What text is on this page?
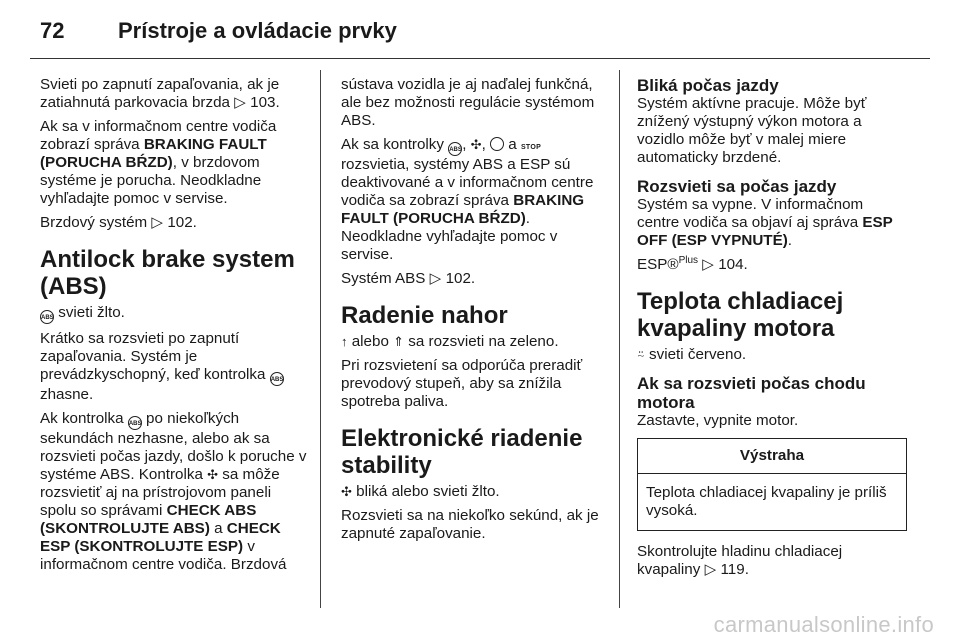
72	Prístroje a ovládacie prvky

Svieti po zapnutí zapaľovania, ak je zatiahnutá parkovacia brzda ▷ 103.

Ak sa v informačnom centre vodiča zobrazí správa BRAKING FAULT (PORUCHA BŔZD), v brzdovom systéme je porucha. Neodkladne vyhľadajte pomoc v servise.

Brzdový systém ▷ 102.

Antilock brake system (ABS)

ABS svieti žlto.

Krátko sa rozsvieti po zapnutí zapaľovania. Systém je prevádzkyschopný, keď kontrolka ABS zhasne.

Ak kontrolka ABS po niekoľkých sekundách nezhasne, alebo ak sa rozsvieti počas jazdy, došlo k poruche v systéme ABS. Kontrolka ✣ sa môže rozsvietiť aj na prístrojovom paneli spolu so správami CHECK ABS (SKONTROLUJTE ABS) a CHECK ESP (SKONTROLUJTE ESP) v informačnom centre vodiča. Brzdová

sústava vozidla je aj naďalej funkčná, ale bez možnosti regulácie systémom ABS.

Ak sa kontrolky ABS, ✣,  a STOP rozsvietia, systémy ABS a ESP sú deaktivované a v informačnom centre vodiča sa zobrazí správa BRAKING FAULT (PORUCHA BŔZD). Neodkladne vyhľadajte pomoc v servise.

Systém ABS ▷ 102.

Radenie nahor

↑ alebo ⇑ sa rozsvieti na zeleno.

Pri rozsvietení sa odporúča preradiť prevodový stupeň, aby sa znížila spotreba paliva.

Elektronické riadenie stability

✣ bliká alebo svieti žlto.

Rozsvieti sa na niekoľko sekúnd, ak je zapnuté zapaľovanie.

Bliká počas jazdy

Systém aktívne pracuje. Môže byť znížený výstupný výkon motora a vozidlo môže byť v malej miere automaticky brzdené.

Rozsvieti sa počas jazdy

Systém sa vypne. V informačnom centre vodiča sa objaví aj správa ESP OFF (ESP VYPNUTÉ).

ESP®$^{Plus}$ ▷ 104.

Teplota chladiacej kvapaliny motora

⍨ svieti červeno.

Ak sa rozsvieti počas chodu motora

Zastavte, vypnite motor.

Výstraha
Teplota chladiacej kvapaliny je príliš vysoká.

Skontrolujte hladinu chladiacej kvapaliny ▷ 119.

carmanualsonline.info
